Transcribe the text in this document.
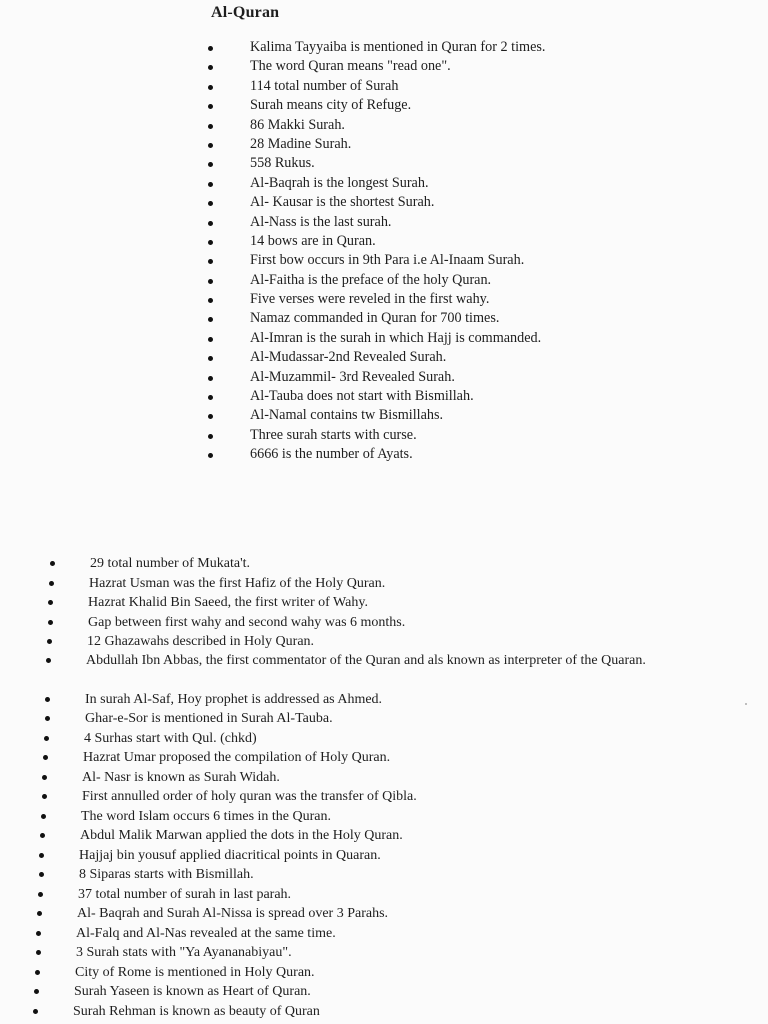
Al-Quran
Kalima Tayyaiba is mentioned in Quran for 2 times.
The word Quran means "read one".
114 total number of Surah
Surah means city of Refuge.
86 Makki Surah.
28 Madine Surah.
558 Rukus.
Al-Baqrah is the longest Surah.
Al- Kausar is the shortest Surah.
Al-Nass is the last surah.
14 bows are in Quran.
First bow occurs in 9th Para i.e Al-Inaam Surah.
Al-Faitha is the preface of the holy Quran.
Five verses were reveled in the first wahy.
Namaz commanded in Quran for 700 times.
Al-Imran is the surah in which Hajj is commanded.
Al-Mudassar-2nd Revealed Surah.
Al-Muzammil- 3rd Revealed Surah.
Al-Tauba does not start with Bismillah.
Al-Namal contains tw Bismillahs.
Three surah starts with curse.
6666 is the number of Ayats.
29 total number of Mukata't.
Hazrat Usman was the first Hafiz of the Holy Quran.
Hazrat Khalid Bin Saeed, the first writer of Wahy.
Gap between first wahy and second wahy was 6 months.
12 Ghazawahs described in Holy Quran.
Abdullah Ibn Abbas, the first commentator of the Quran and als known as interpreter of the Quaran.
In surah Al-Saf, Hoy prophet is addressed as Ahmed.
Ghar-e-Sor is mentioned in Surah Al-Tauba.
4 Surhas start with Qul. (chkd)
Hazrat Umar proposed the compilation of Holy Quran.
Al- Nasr is known as Surah Widah.
First annulled order of holy quran was the transfer of Qibla.
The word Islam occurs 6 times in the Quran.
Abdul Malik Marwan applied the dots in the Holy Quran.
Hajjaj bin yousuf applied diacritical points in Quaran.
8 Siparas starts with Bismillah.
37 total number of surah in last parah.
Al- Baqrah and Surah Al-Nissa is spread over 3 Parahs.
Al-Falq and Al-Nas revealed at the same time.
3 Surah stats with "Ya Ayananabiyau".
City of Rome is mentioned in Holy Quran.
Surah Yaseen is known as Heart of Quran.
Surah Rehman is known as beauty of Quran
